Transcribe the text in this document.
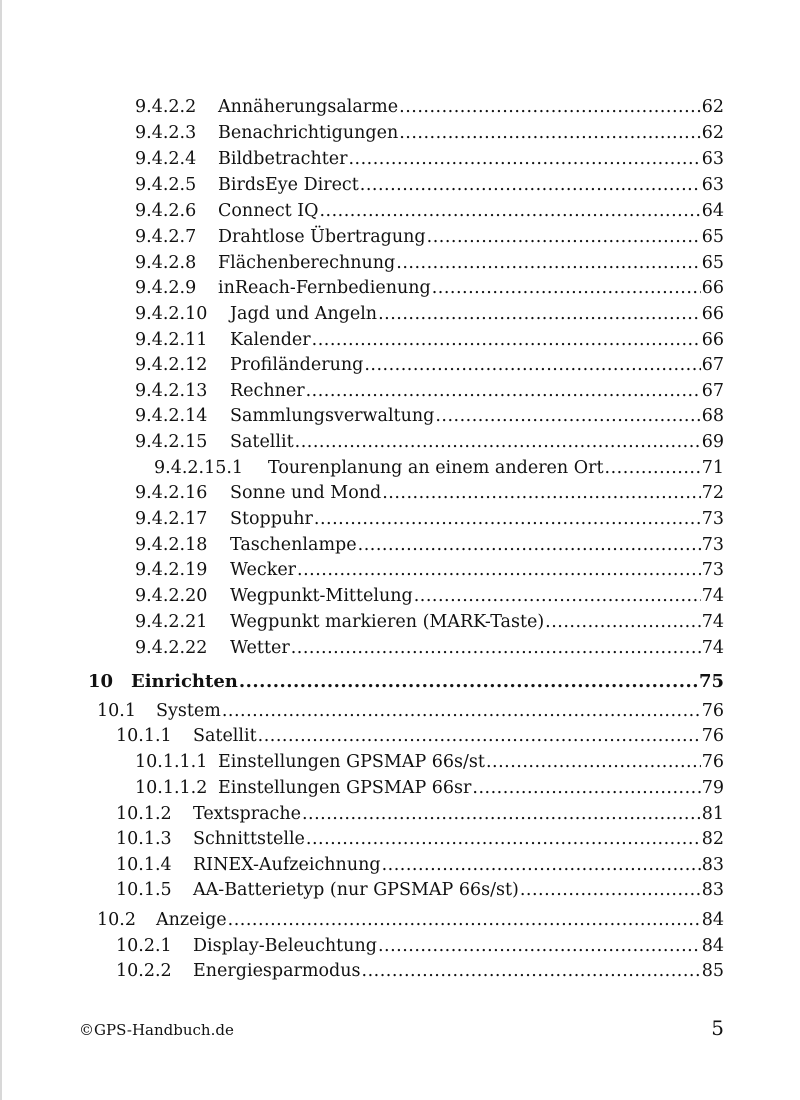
9.4.2.2	Annäherungsalarme .....	62
9.4.2.3	Benachrichtigungen .....	62
9.4.2.4	Bildbetrachter .....	63
9.4.2.5	BirdsEye Direct .....	63
9.4.2.6	Connect IQ .....	64
9.4.2.7	Drahtlose Übertragung .....	65
9.4.2.8	Flächenberechnung .....	65
9.4.2.9	inReach-Fernbedienung .....	66
9.4.2.10	Jagd und Angeln .....	66
9.4.2.11	Kalender .....	66
9.4.2.12	Profiländerung .....	67
9.4.2.13	Rechner .....	67
9.4.2.14	Sammlungsverwaltung .....	68
9.4.2.15	Satellit .....	69
9.4.2.15.1	Tourenplanung an einem anderen Ort .....	71
9.4.2.16	Sonne und Mond .....	72
9.4.2.17	Stoppuhr .....	73
9.4.2.18	Taschenlampe .....	73
9.4.2.19	Wecker .....	73
9.4.2.20	Wegpunkt-Mittelung .....	74
9.4.2.21	Wegpunkt markieren (MARK-Taste) .....	74
9.4.2.22	Wetter .....	74
10 Einrichten .....	75
10.1	System .....	76
10.1.1	Satellit .....	76
10.1.1.1 Einstellungen GPSMAP 66s/st .....	76
10.1.1.2 Einstellungen GPSMAP 66sr .....	79
10.1.2	Textsprache .....	81
10.1.3	Schnittstelle .....	82
10.1.4	RINEX-Aufzeichnung .....	83
10.1.5	AA-Batterietyp (nur GPSMAP 66s/st) .....	83
10.2	Anzeige .....	84
10.2.1	Display-Beleuchtung .....	84
10.2.2	Energiesparmodus .....	85
©GPS-Handbuch.de	5
